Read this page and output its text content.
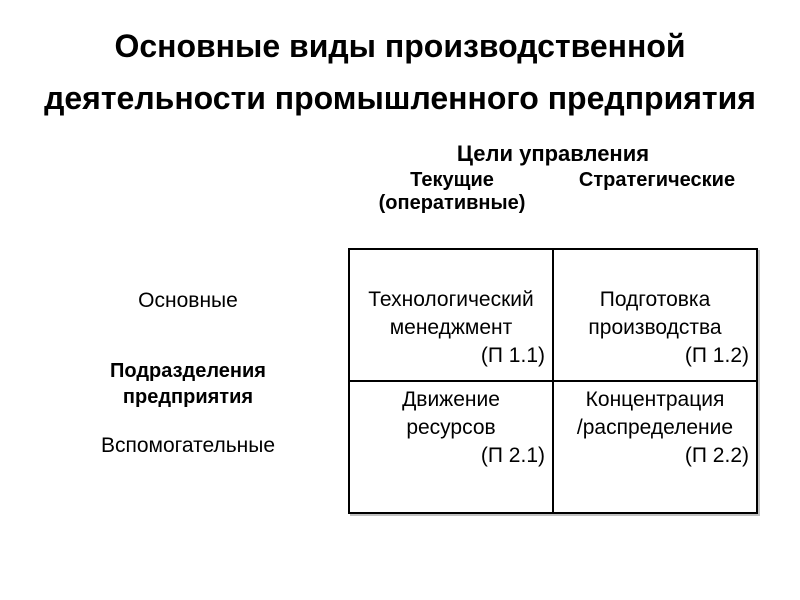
Основные виды производственной
деятельности промышленного предприятия
Цели управления
Текущие
(оперативные)
Стратегические
Основные
Подразделения
предприятия
Вспомогательные
Технологический
менеджмент
(П 1.1)
Подготовка
производства
(П 1.2)
Движение
ресурсов
(П 2.1)
Концентрация
/распределение
(П 2.2)
